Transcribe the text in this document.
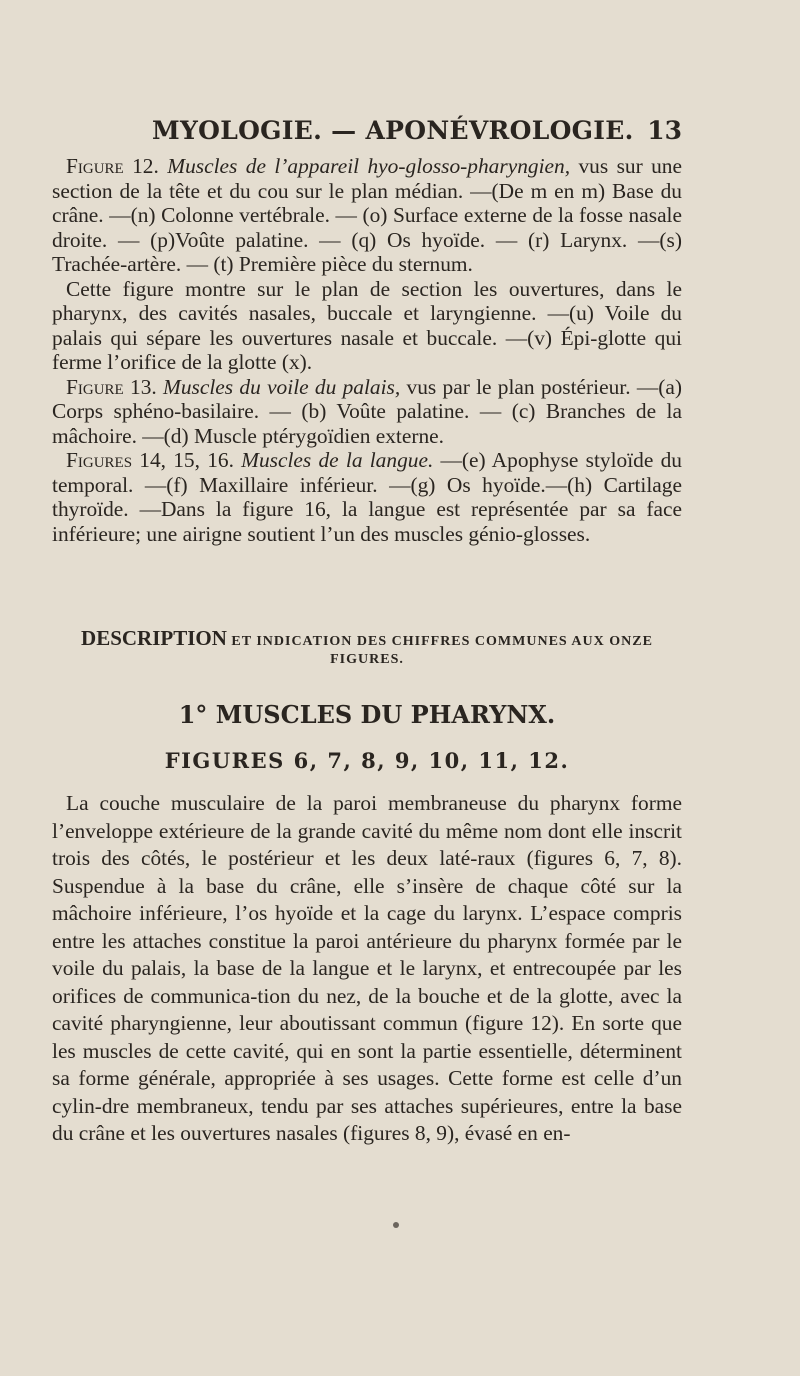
MYOLOGIE. — APONÉVROLOGIE. 13

Figure 12. Muscles de l’appareil hyo-glosso-pharyngien, vus sur une section de la tête et du cou sur le plan médian. —(De m en m) Base du crâne. —(n) Colonne vertébrale. — (o) Surface externe de la fosse nasale droite. — (p)Voûte palatine. — (q) Os hyoïde. — (r) Larynx. —(s) Trachée-artère. — (t) Première pièce du sternum.

Cette figure montre sur le plan de section les ouvertures, dans le pharynx, des cavités nasales, buccale et laryngienne. —(u) Voile du palais qui sépare les ouvertures nasale et buccale. —(v) Épi-glotte qui ferme l’orifice de la glotte (x).

Figure 13. Muscles du voile du palais, vus par le plan postérieur. —(a) Corps sphéno-basilaire. — (b) Voûte palatine. — (c) Branches de la mâchoire. —(d) Muscle ptérygoïdien externe.

Figures 14, 15, 16. Muscles de la langue. —(e) Apophyse styloïde du temporal. —(f) Maxillaire inférieur. —(g) Os hyoïde.—(h) Cartilage thyroïde. —Dans la figure 16, la langue est représentée par sa face inférieure; une airigne soutient l’un des muscles génio-glosses.

DESCRIPTION ET INDICATION DES CHIFFRES COMMUNES AUX ONZE
FIGURES.
1° MUSCLES DU PHARYNX.
FIGURES 6, 7, 8, 9, 10, 11, 12.

La couche musculaire de la paroi membraneuse du pharynx forme l’enveloppe extérieure de la grande cavité du même nom dont elle inscrit trois des côtés, le postérieur et les deux laté-raux (figures 6, 7, 8). Suspendue à la base du crâne, elle s’insère de chaque côté sur la mâchoire inférieure, l’os hyoïde et la cage du larynx. L’espace compris entre les attaches constitue la paroi antérieure du pharynx formée par le voile du palais, la base de la langue et le larynx, et entrecoupée par les orifices de communica-tion du nez, de la bouche et de la glotte, avec la cavité pharyngienne, leur aboutissant commun (figure 12). En sorte que les muscles de cette cavité, qui en sont la partie essentielle, déterminent sa forme générale, appropriée à ses usages. Cette forme est celle d’un cylin-dre membraneux, tendu par ses attaches supérieures, entre la base du crâne et les ouvertures nasales (figures 8, 9), évasé en en-
